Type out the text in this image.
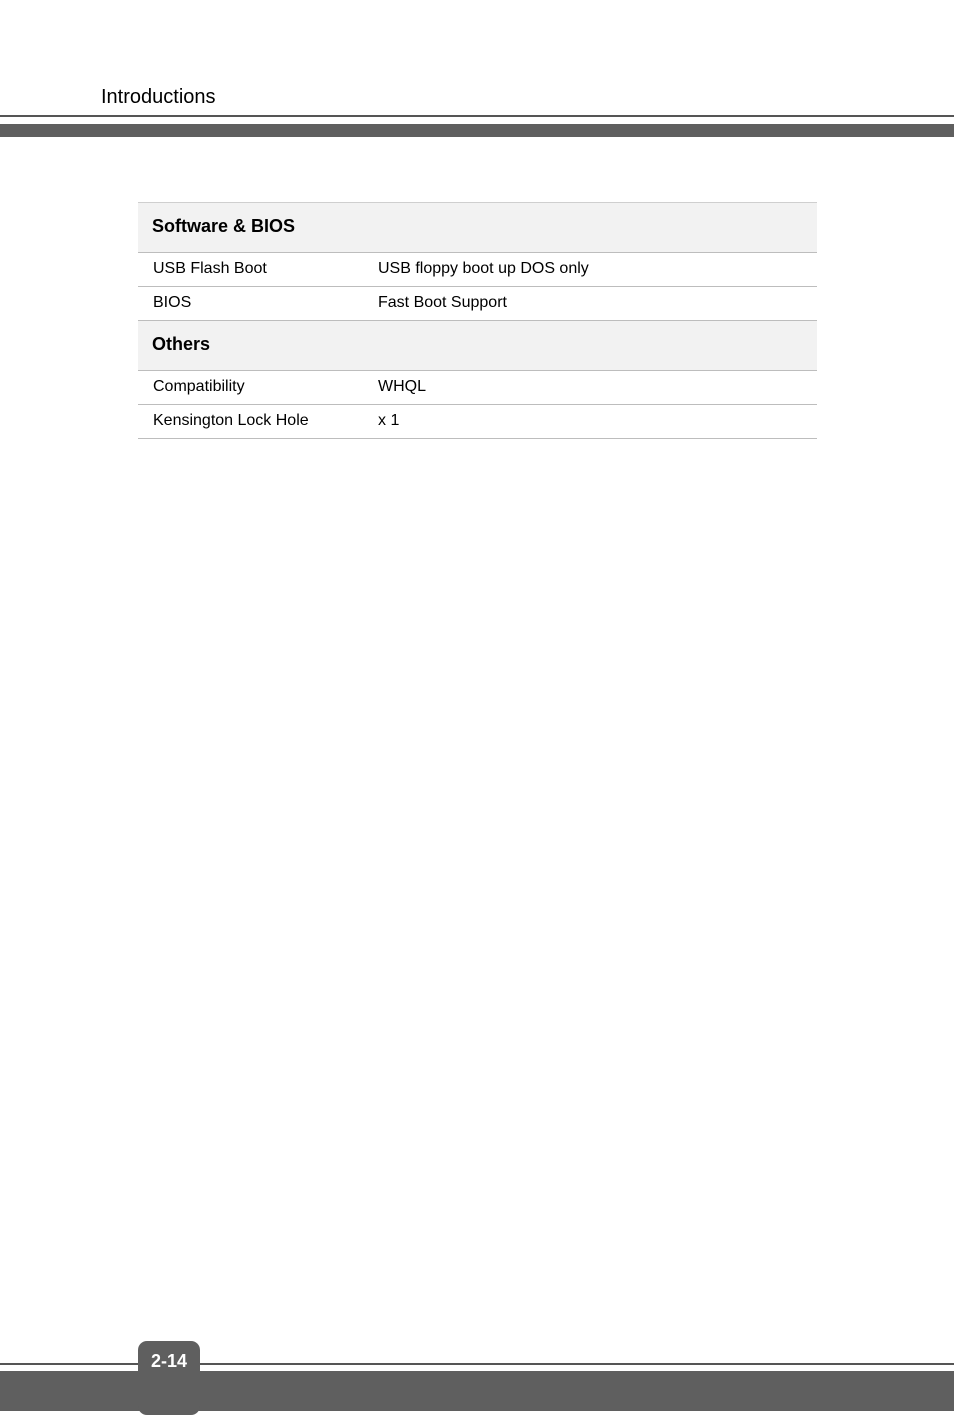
Introductions
Software & BIOS
USB Flash Boot	USB floppy boot up DOS only
BIOS	Fast Boot Support
Others
Compatibility	WHQL
Kensington Lock Hole	x 1
2-14
